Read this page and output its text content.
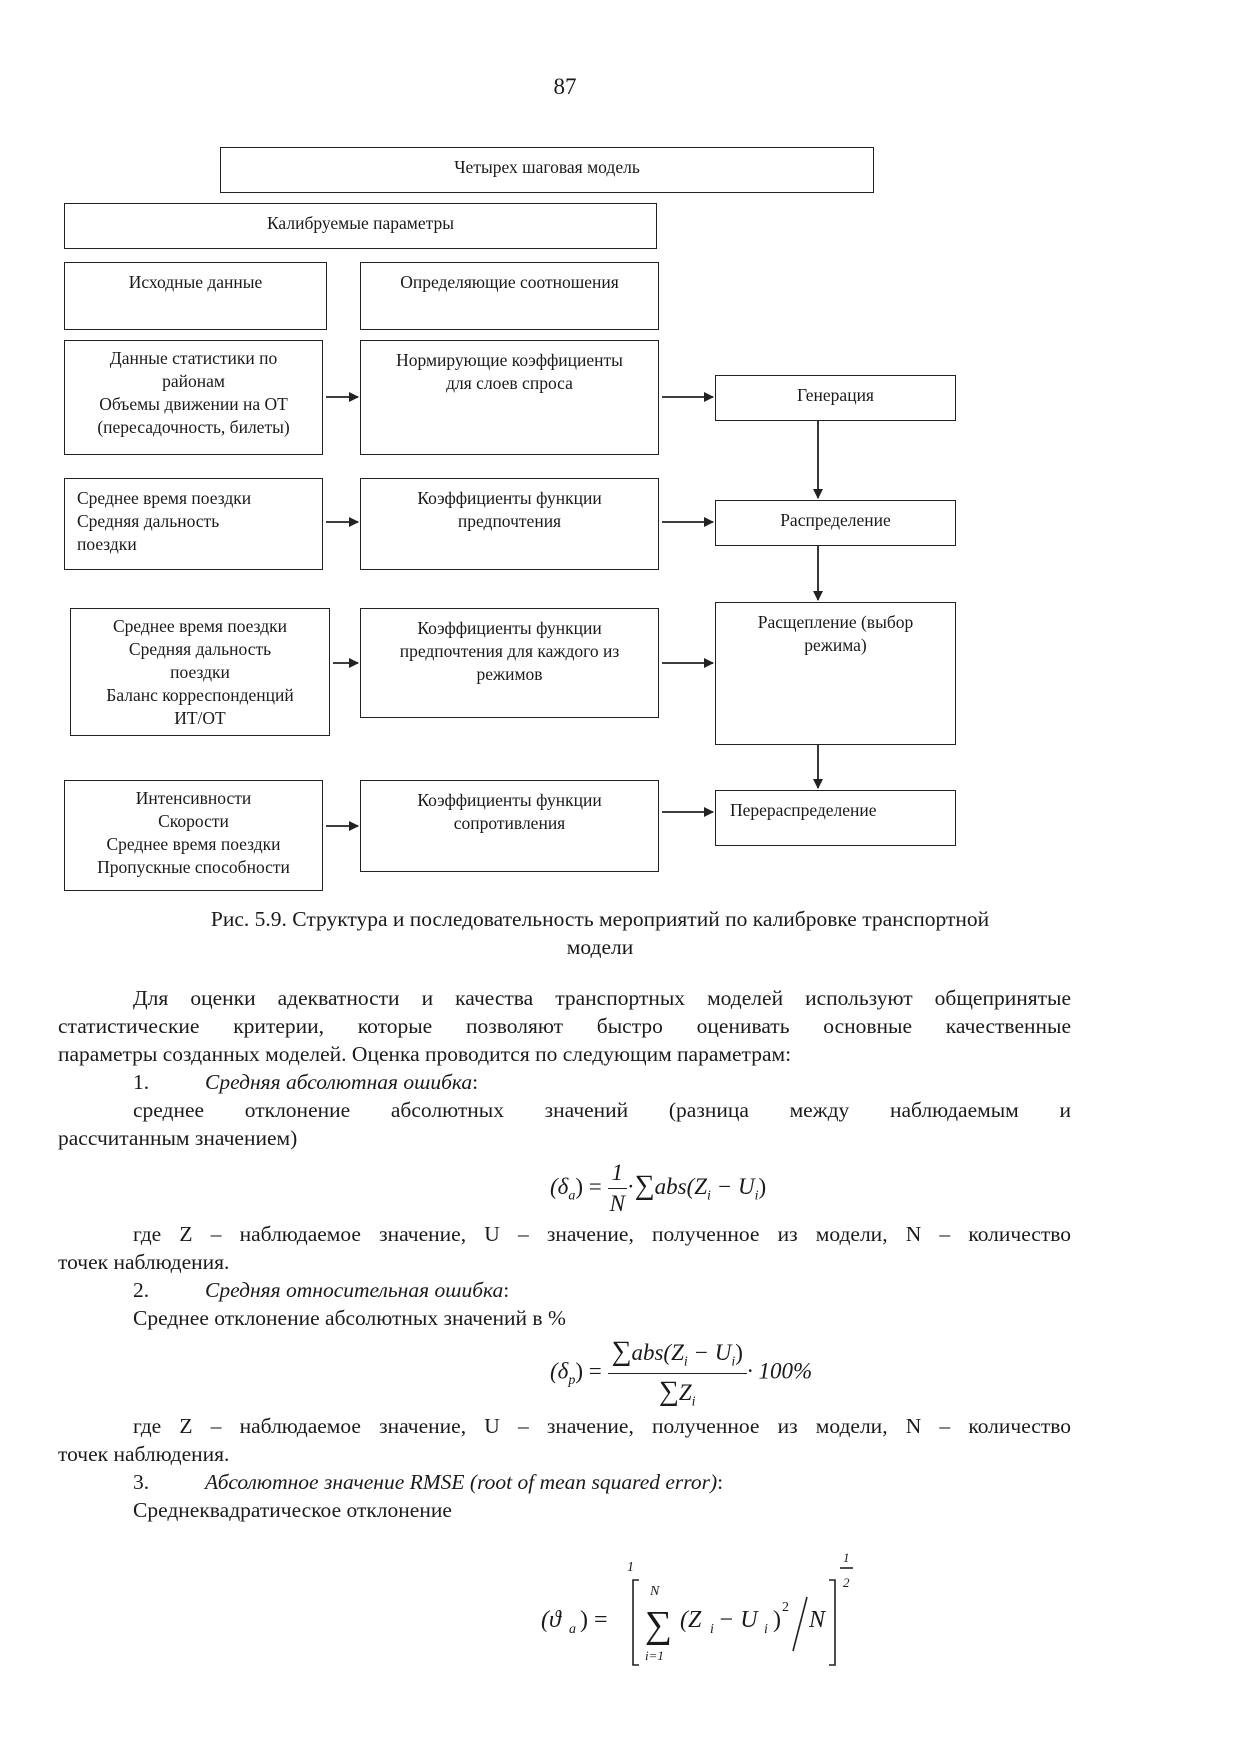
87
Четырех шаговая модель
Калибруемые параметры
Исходные данные	Определяющие соотношения
Данные статистики по
районам
Объемы движении на ОТ
(пересадочность, билеты)
Нормирующие коэффициенты
для слоев спроса
Генерация
Среднее время поездки
Средняя дальность
поездки
Коэффициенты функции
предпочтения	Распределение
Среднее время поездки
Средняя дальность
поездки
Баланс корреспонденций
ИТ/ОТ
Коэффициенты функции
предпочтения для каждого из
режимов
Расщепление (выбор
режима)
Интенсивности
Скорости
Среднее время поездки
Пропускные способности
Коэффициенты функции
сопротивления
Перераспределение
Рис. 5.9. Структура и последовательность мероприятий по калибровке транспортной
модели
Для оценки адекватности и качества транспортных моделей используют общепринятые
статистические критерии, которые позволяют быстро оценивать основные качественные
параметры созданных моделей. Оценка проводится по следующим параметрам:
1.	Средняя абсолютная ошибка:
среднее отклонение абсолютных значений (разница между наблюдаемым и
рассчитанным значением)
$(\delta_a) = \frac{1}{N} \cdot\sum abs(Z_i - U_i)$
где Z – наблюдаемое значение, U – значение, полученное из модели, N – количество
точек наблюдения.
2.	Средняя относительная ошибка:
Среднее отклонение абсолютных значений в %
$(\delta_p) = \frac{\sum abs(Z_i - U_i)}{\sum Z_i} \cdot 100\%$
где Z – наблюдаемое значение, U – значение, полученное из модели, N – количество
точек наблюдения.
3.	Абсолютное значение RMSE (root of mean squared error):
Среднеквадратическое отклонение
(ϑ a ) =
1
∑
N
i=1
(Z i − U i ) 2 N
1
2
